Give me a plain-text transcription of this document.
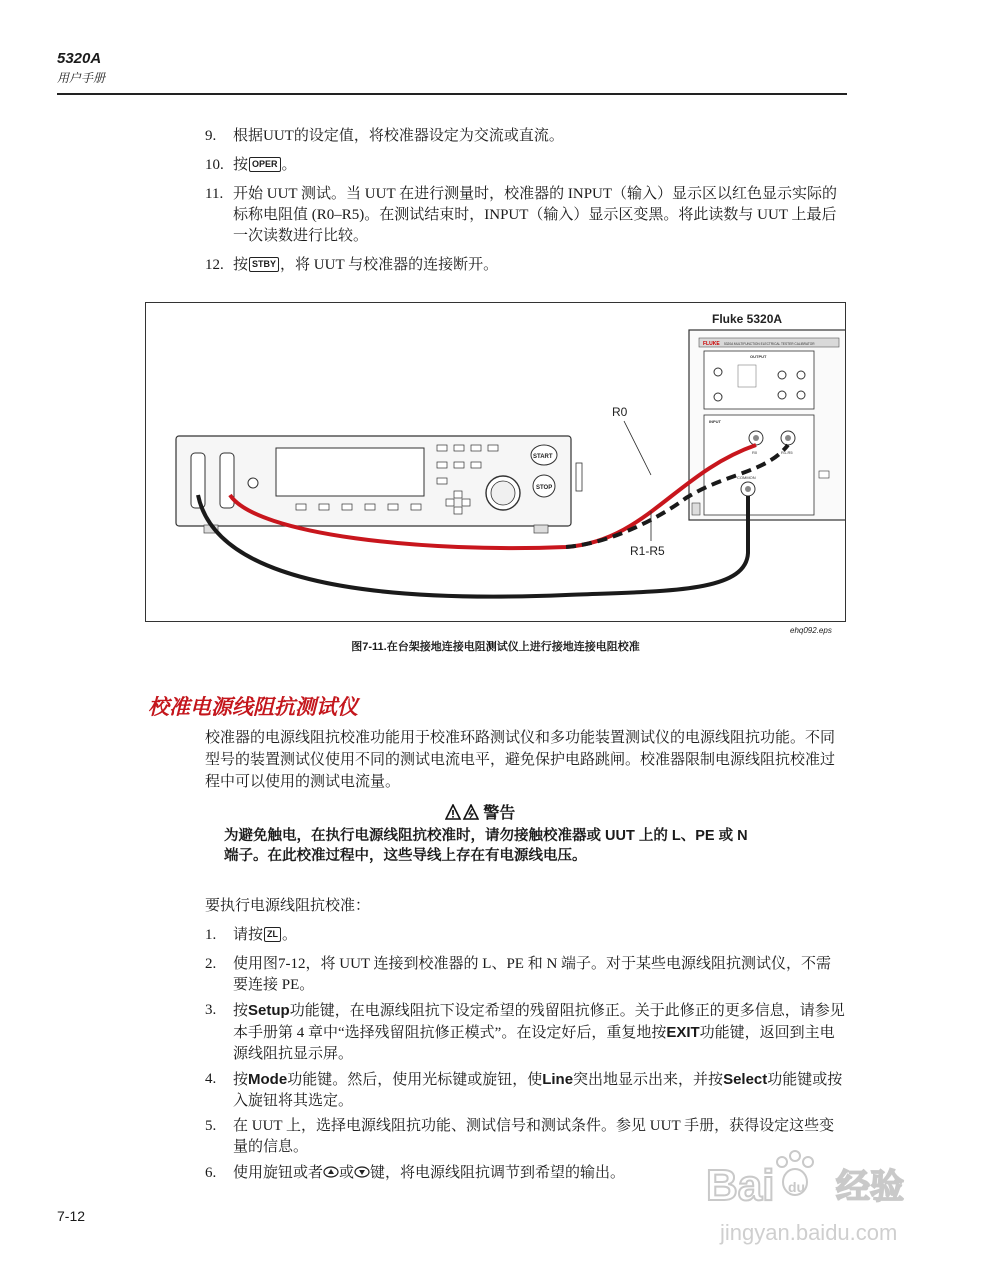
5320A
用户手册
9.	根据UUT的设定值，将校准器设定为交流或直流。
10. 按 OPER 。
11. 开始 UUT 测试。当 UUT 在进行测量时，校准器的 INPUT（输入）显示区以红色显示实际的标称电阻值 (R0–R5)。在测试结束时，INPUT（输入）显示区变黑。将此读数与 UUT 上最后一次读数进行比较。
12. 按 STBY ，将 UUT 与校准器的连接断开。
Fluke 5320A
FLUKE 5320A MULTIFUNCTION ELECTRICAL TESTER CALIBRATOR
OUTPUT
INPUT
R0	R1-R5
COMMON
START
STOP
R0
R1-R5
ehq092.eps
图7-11.在台架接地连接电阻测试仪上进行接地连接电阻校准
校准电源线阻抗测试仪
校准器的电源线阻抗校准功能用于校准环路测试仪和多功能装置测试仪的电源线阻抗功能。不同型号的装置测试仪使用不同的测试电流电平，避免保护电路跳闸。校准器限制电源线阻抗校准过程中可以使用的测试电流量。
警告
为避免触电，在执行电源线阻抗校准时，请勿接触校准器或 UUT 上的 L、PE 或 N 端子。在此校准过程中，这些导线上存在有电源线电压。
要执行电源线阻抗校准：
1.	请按 ZL 。
2.	使用图7-12，将 UUT 连接到校准器的 L、PE 和 N 端子。对于某些电源线阻抗测试仪，不需要连接 PE。
3.	按Setup功能键，在电源线阻抗下设定希望的残留阻抗修正。关于此修正的更多信息，请参见本手册第 4 章中“选择残留阻抗修正模式”。在设定好后，重复地按EXIT功能键，返回到主电源线阻抗显示屏。
4.	按Mode功能键。然后，使用光标键或旋钮，使Line突出地显示出来，并按Select功能键或按入旋钮将其选定。
5.	在 UUT 上，选择电源线阻抗功能、测试信号和测试条件。参见 UUT 手册，获得设定这些变量的信息。
6.	使用旋钮或者 或 键，将电源线阻抗调节到希望的输出。
7-12
Bai du 经验
jingyan.baidu.com
